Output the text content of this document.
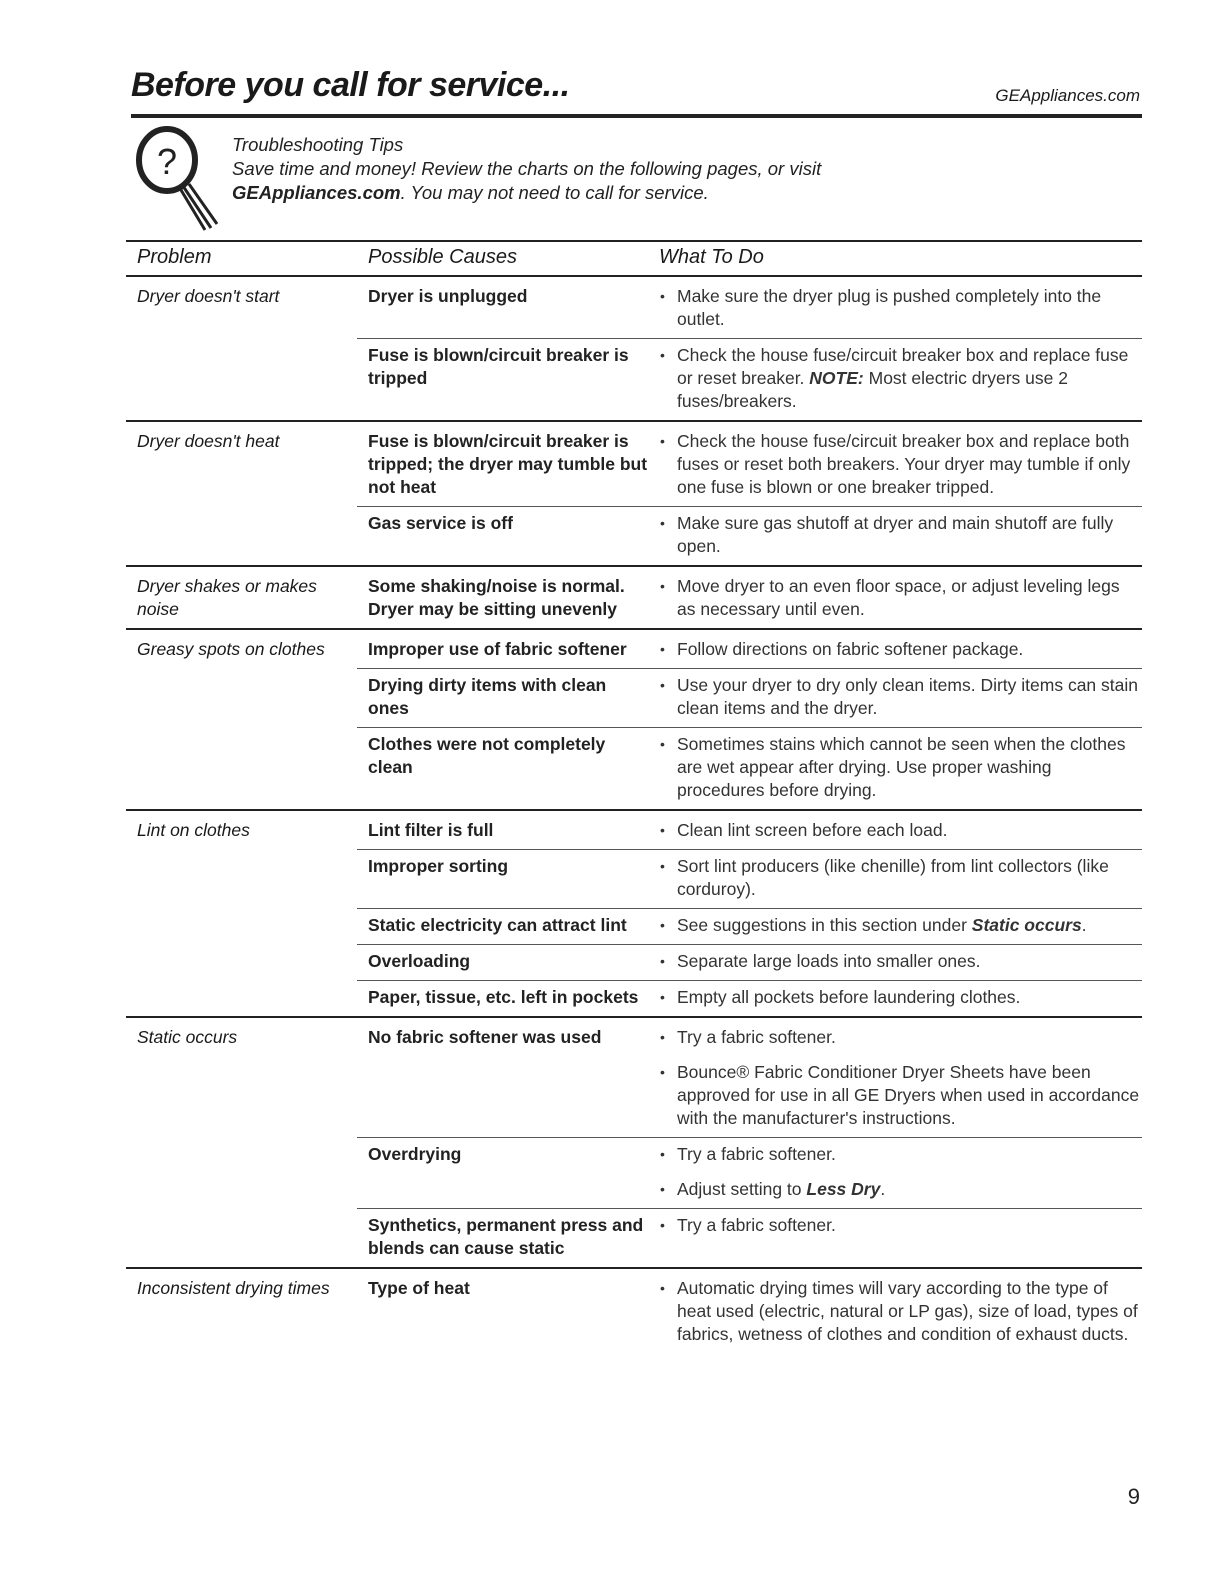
Before you call for service...	GEAppliances.com
?	Troubleshooting Tips
Save time and money! Review the charts on the following pages, or visit
GEAppliances.com. You may not need to call for service.
Problem	Possible Causes	What To Do
Dryer doesn't start	Dryer is unplugged	• Make sure the dryer plug is pushed completely into the outlet.

	Fuse is blown/circuit breaker is tripped	• Check the house fuse/circuit breaker box and replace fuse or reset breaker. NOTE: Most electric dryers use 2 fuses/breakers.

Dryer doesn't heat	Fuse is blown/circuit breaker is tripped; the dryer may tumble but not heat	• Check the house fuse/circuit breaker box and replace both fuses or reset both breakers. Your dryer may tumble if only one fuse is blown or one breaker tripped.

	Gas service is off	• Make sure gas shutoff at dryer and main shutoff are fully open.

Dryer shakes or makes noise	Some shaking/noise is normal. Dryer may be sitting unevenly	• Move dryer to an even floor space, or adjust leveling legs as necessary until even.

Greasy spots on clothes	Improper use of fabric softener	• Follow directions on fabric softener package.

	Drying dirty items with clean ones	• Use your dryer to dry only clean items. Dirty items can stain clean items and the dryer.

	Clothes were not completely clean	• Sometimes stains which cannot be seen when the clothes are wet appear after drying. Use proper washing procedures before drying.

Lint on clothes	Lint filter is full	• Clean lint screen before each load.

	Improper sorting	• Sort lint producers (like chenille) from lint collectors (like corduroy).

	Static electricity can attract lint	• See suggestions in this section under Static occurs.

	Overloading	• Separate large loads into smaller ones.

	Paper, tissue, etc. left in pockets	• Empty all pockets before laundering clothes.

Static occurs	No fabric softener was used	• Try a fabric softener.
• Bounce® Fabric Conditioner Dryer Sheets have been approved for use in all GE Dryers when used in accordance with the manufacturer's instructions.

	Overdrying	• Try a fabric softener.
• Adjust setting to Less Dry.

	Synthetics, permanent press and blends can cause static	• Try a fabric softener.

Inconsistent drying times	Type of heat	• Automatic drying times will vary according to the type of heat used (electric, natural or LP gas), size of load, types of fabrics, wetness of clothes and condition of exhaust ducts.
9
